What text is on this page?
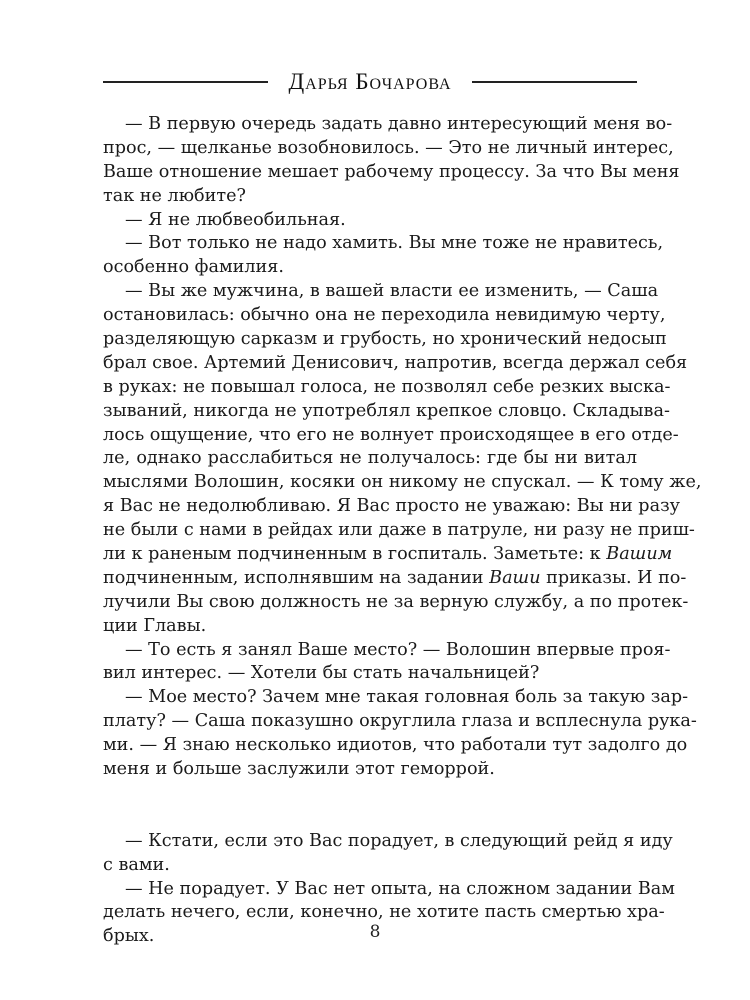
Дарья Бочарова
— В первую очередь задать давно интересующий меня во-
прос, — щелканье возобновилось. — Это не личный интерес,
Ваше отношение мешает рабочему процессу. За что Вы меня
так не любите?
— Я не любвеобильная.
— Вот только не надо хамить. Вы мне тоже не нравитесь,
особенно фамилия.
— Вы же мужчина, в вашей власти ее изменить, — Саша
остановилась: обычно она не переходила невидимую черту,
разделяющую сарказм и грубость, но хронический недосып
брал свое. Артемий Денисович, напротив, всегда держал себя
в руках: не повышал голоса, не позволял себе резких выска-
зываний, никогда не употреблял крепкое словцо. Складыва-
лось ощущение, что его не волнует происходящее в его отде-
ле, однако расслабиться не получалось: где бы ни витал
мыслями Волошин, косяки он никому не спускал. — К тому же,
я Вас не недолюбливаю. Я Вас просто не уважаю: Вы ни разу
не были с нами в рейдах или даже в патруле, ни разу не приш-
ли к раненым подчиненным в госпиталь. Заметьте: к Вашим
подчиненным, исполнявшим на задании Ваши приказы. И по-
лучили Вы свою должность не за верную службу, а по протек-
ции Главы.
— То есть я занял Ваше место? — Волошин впервые проя-
вил интерес. — Хотели бы стать начальницей?
— Мое место? Зачем мне такая головная боль за такую зар-
плату? — Саша показушно округлила глаза и всплеснула рука-
ми. — Я знаю несколько идиотов, что работали тут задолго до
меня и больше заслужили этот геморрой.
— Кстати, если это Вас порадует, в следующий рейд я иду
с вами.
— Не порадует. У Вас нет опыта, на сложном задании Вам
делать нечего, если, конечно, не хотите пасть смертью хра-
брых.	8
